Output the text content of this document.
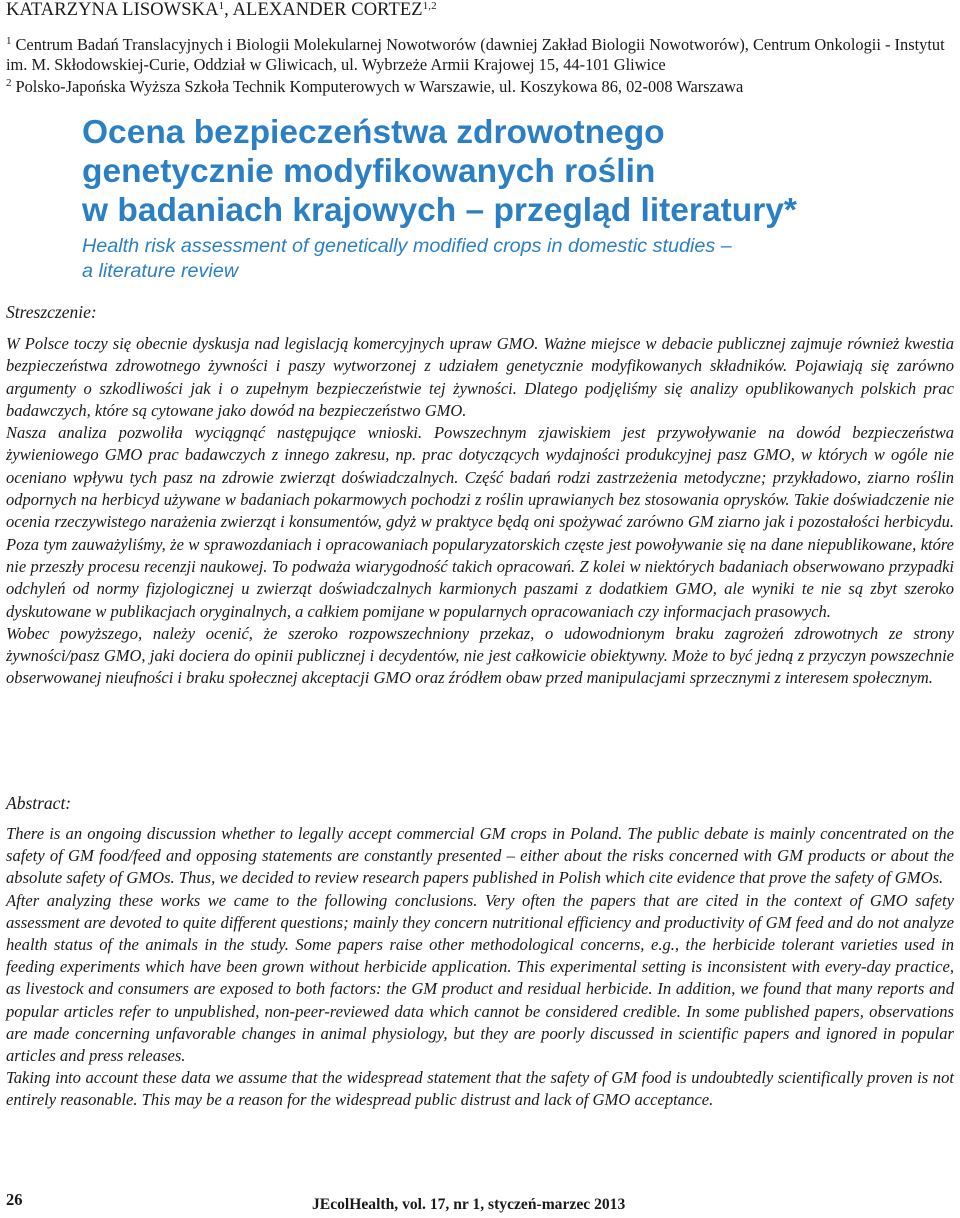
KATARZYNA LISOWSKA$^1$, ALEXANDER CORTEZ$^{1,2}$
$^1$ Centrum Badań Translacyjnych i Biologii Molekularnej Nowotworów (dawniej Zakład Biologii Nowotworów), Centrum Onkologii - Instytut im. M. Skłodowskiej-Curie, Oddział w Gliwicach, ul. Wybrzeże Armii Krajowej 15, 44-101 Gliwice
$^2$ Polsko-Japońska Wyższa Szkoła Technik Komputerowych w Warszawie, ul. Koszykowa 86, 02-008 Warszawa
Ocena bezpieczeństwa zdrowotnego
genetycznie modyfikowanych roślin
w badaniach krajowych – przegląd literatury*
Health risk assessment of genetically modified crops in domestic studies –
a literature review
Streszczenie:

W Polsce toczy się obecnie dyskusja nad legislacją komercyjnych upraw GMO. Ważne miejsce w debacie publicznej zajmuje również kwestia bezpieczeństwa zdrowotnego żywności i paszy wytworzonej z udziałem genetycznie modyfikowanych składników. Pojawiają się zarówno argumenty o szkodliwości jak i o zupełnym bezpieczeństwie tej żywności. Dlatego podjęliśmy się analizy opublikowanych polskich prac badawczych, które są cytowane jako dowód na bezpieczeństwo GMO.

Nasza analiza pozwoliła wyciągnąć następujące wnioski. Powszechnym zjawiskiem jest przywoływanie na dowód bezpieczeństwa żywieniowego GMO prac badawczych z innego zakresu, np. prac dotyczących wydajności produkcyjnej pasz GMO, w których w ogóle nie oceniano wpływu tych pasz na zdrowie zwierząt doświadczalnych. Część badań rodzi zastrzeżenia metodyczne; przykładowo, ziarno roślin odpornych na herbicyd używane w badaniach pokarmowych pochodzi z roślin uprawianych bez stosowania oprysków. Takie doświadczenie nie ocenia rzeczywistego narażenia zwierząt i konsumentów, gdyż w praktyce będą oni spożywać zarówno GM ziarno jak i pozostałości herbicydu. Poza tym zauważyliśmy, że w sprawozdaniach i opracowaniach popularyzatorskich częste jest powoływanie się na dane niepublikowane, które nie przeszły procesu recenzji naukowej. To podważa wiarygodność takich opracowań. Z kolei w niektórych badaniach obserwowano przypadki odchyleń od normy fizjologicznej u zwierząt doświadczalnych karmionych paszami z dodatkiem GMO, ale wyniki te nie są zbyt szeroko dyskutowane w publikacjach oryginalnych, a całkiem pomijane w popularnych opracowaniach czy informacjach prasowych.

Wobec powyższego, należy ocenić, że szeroko rozpowszechniony przekaz, o udowodnionym braku zagrożeń zdrowotnych ze strony żywności/pasz GMO, jaki dociera do opinii publicznej i decydentów, nie jest całkowicie obiektywny. Może to być jedną z przyczyn powszechnie obserwowanej nieufności i braku społecznej akceptacji GMO oraz źródłem obaw przed manipulacjami sprzecznymi z interesem społecznym.

Abstract:

There is an ongoing discussion whether to legally accept commercial GM crops in Poland. The public debate is mainly concentrated on the safety of GM food/feed and opposing statements are constantly presented – either about the risks concerned with GM products or about the absolute safety of GMOs. Thus, we decided to review research papers published in Polish which cite evidence that prove the safety of GMOs.

After analyzing these works we came to the following conclusions. Very often the papers that are cited in the context of GMO safety assessment are devoted to quite different questions; mainly they concern nutritional efficiency and productivity of GM feed and do not analyze health status of the animals in the study. Some papers raise other methodological concerns, e.g., the herbicide tolerant varieties used in feeding experiments which have been grown without herbicide application. This experimental setting is inconsistent with every-day practice, as livestock and consumers are exposed to both factors: the GM product and residual herbicide. In addition, we found that many reports and popular articles refer to unpublished, non-peer-reviewed data which cannot be considered credible. In some published papers, observations are made concerning unfavorable changes in animal physiology, but they are poorly discussed in scientific papers and ignored in popular articles and press releases.

Taking into account these data we assume that the widespread statement that the safety of GM food is undoubtedly scientifically proven is not entirely reasonable. This may be a reason for the widespread public distrust and lack of GMO acceptance.

26	JEcolHealth, vol. 17, nr 1, styczeń-marzec 2013
